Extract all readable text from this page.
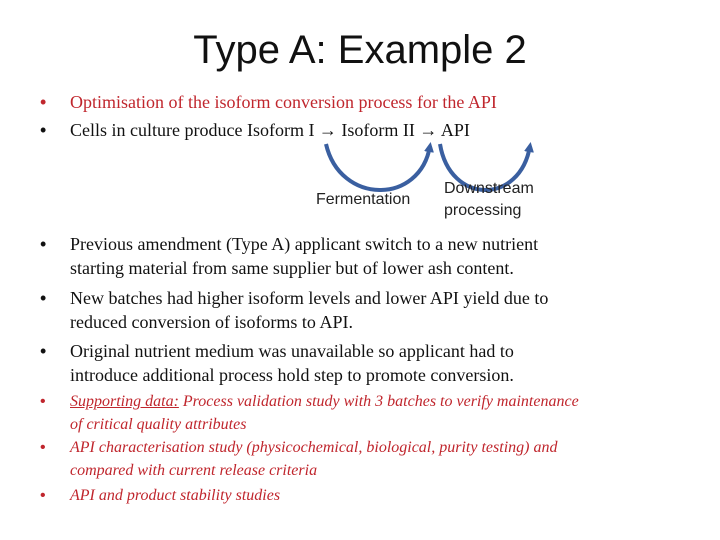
Type A: Example 2
•	Optimisation of the isoform conversion process for the API
•	Cells in culture produce Isoform I → Isoform II → API
Fermentation
Downstream
processing
•	Previous amendment (Type A) applicant switch to a new nutrient
starting material from same supplier but of lower ash content.
•	New batches had higher isoform levels and lower API yield due to
reduced conversion of isoforms to API.
•	Original nutrient medium was unavailable so applicant had to
introduce additional process hold step to promote conversion.
•	Supporting data: Process validation study with 3 batches to verify maintenance
of critical quality attributes
•	API characterisation study (physicochemical, biological, purity testing) and
compared with current release criteria
•	API and product stability studies
